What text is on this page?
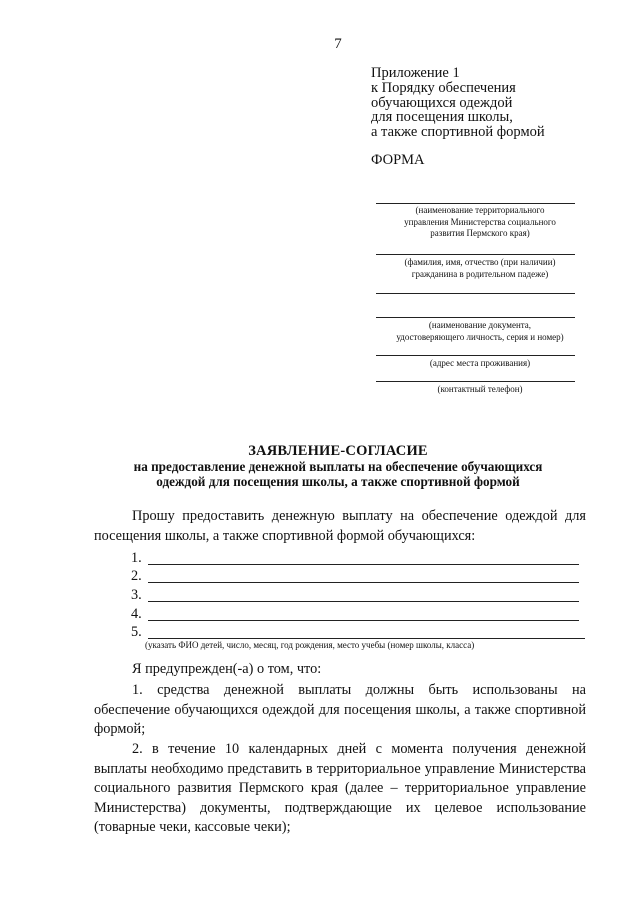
7
Приложение 1
к Порядку обеспечения
обучающихся одеждой
для посещения школы,
а также спортивной формой
ФОРМА
(наименование территориального
управления Министерства социального
развития Пермского края)
(фамилия, имя, отчество (при наличии)
гражданина в родительном падеже)
(наименование документа,
удостоверяющего личность, серия и номер)
(адрес места проживания)
(контактный телефон)
ЗАЯВЛЕНИЕ-СОГЛАСИЕ
на предоставление денежной выплаты на обеспечение обучающихся
одеждой для посещения школы, а также спортивной формой
Прошу предоставить денежную выплату на обеспечение одеждой для посещения школы, а также спортивной формой обучающихся:
1.
2.
3.
4.
5.
(указать ФИО детей, число, месяц, год рождения, место учебы (номер школы, класса)
Я предупрежден(-а) о том, что:
1. средства денежной выплаты должны быть использованы на обеспечение обучающихся одеждой для посещения школы, а также спортивной формой;
2. в течение 10 календарных дней с момента получения денежной выплаты необходимо представить в территориальное управление Министерства социального развития Пермского края (далее – территориальное управление Министерства) документы, подтверждающие их целевое использование (товарные чеки, кассовые чеки);
